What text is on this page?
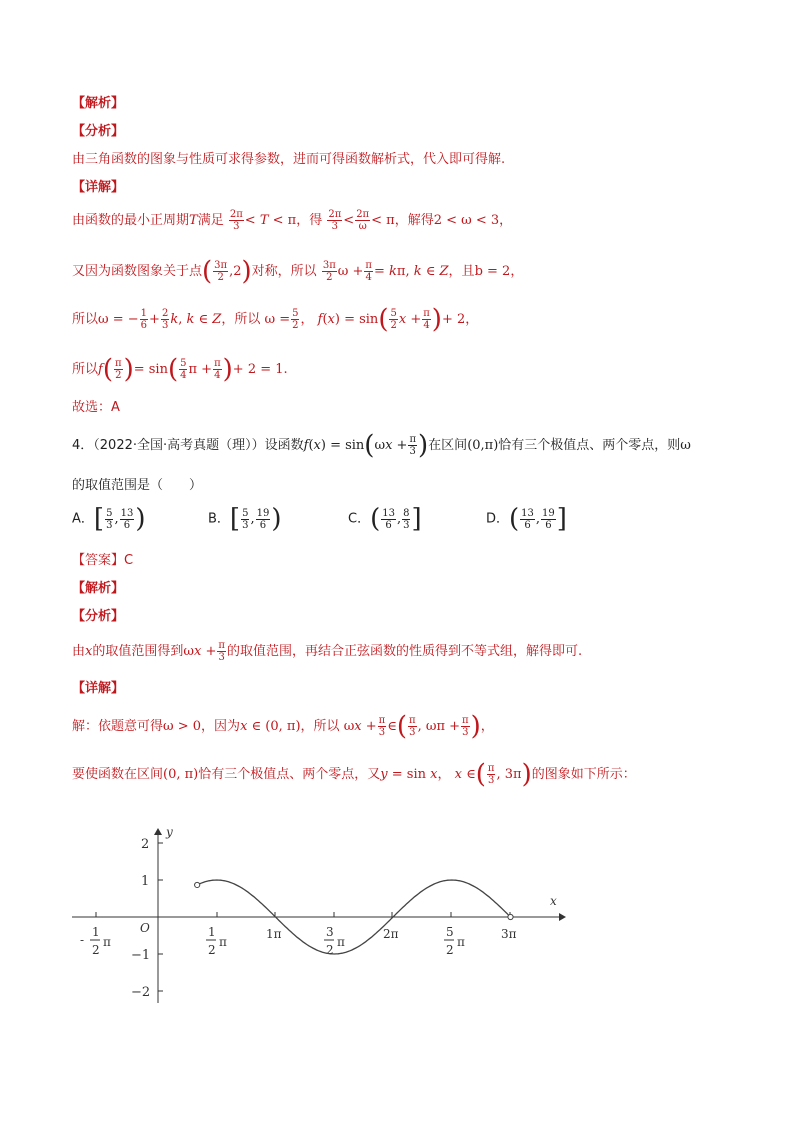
【解析】
【分析】
由三角函数的图象与性质可求得参数，进而可得函数解析式，代入即可得解.
【详解】
由函数的最小正周期T满足 $\frac{2\pi}{3} < T < \pi$，得 $\frac{2\pi}{3} < \frac{2\pi}{\omega} < \pi$，解得2 < ω < 3，
又因为函数图象关于点( $\frac{3\pi}{2} ,2$)对称，所以 $\frac{3\pi}{2}$ $\omega + \frac{\pi}{4} = k\pi$, k ∈ Z，且b = 2，
所以ω = − $\frac{1}{6} + \frac{2}{3} k$, k ∈ Z，所以 $\omega = \frac{5}{2}$ ， $f(x) = \sin( \frac{5}{2}$ $x + \frac{\pi}{4}$ )+ 2，
所以$f( \frac{\pi}{2}$ )= $\sin( \frac{5}{4}$ $\pi + \frac{\pi}{4}$ )+ 2 = 1.
故选：A
4．（2022·全国·高考真题（理））设函数$f(x) = \sin(\omega x + \frac{\pi}{3}$ )在区间(0,π)恰有三个极值点、两个零点，则ω
的取值范围是（　　）
A．[ $\frac{5}{3}$ , $\frac{13}{6}$ )	B．[ $\frac{5}{3}$ , $\frac{19}{6}$ )	C．( $\frac{13}{6}$ , $\frac{8}{3}$ ]	D．( $\frac{13}{6}$ , $\frac{19}{6}$ ]
【答案】C
【解析】
【分析】
由x的取值范围得到$\omega x + \frac{\pi}{3}$ 的取值范围，再结合正弦函数的性质得到不等式组，解得即可.
【详解】
解：依题意可得ω > 0，因为x ∈ (0, π)，所以 $\omega x + \frac{\pi}{3}$ ∈( $\frac{\pi}{3}$ , $\omega\pi + \frac{\pi}{3}$ )，
要使函数在区间(0, π)恰有三个极值点、两个零点，又y = sin x， x ∈( $\frac{\pi}{3}$ , 3π)的图象如下所示：
y
x
O
2
1
−1
−2
-
1
2
π
1
2
π
1π	3
2
π
2π	5
2
π
3π
